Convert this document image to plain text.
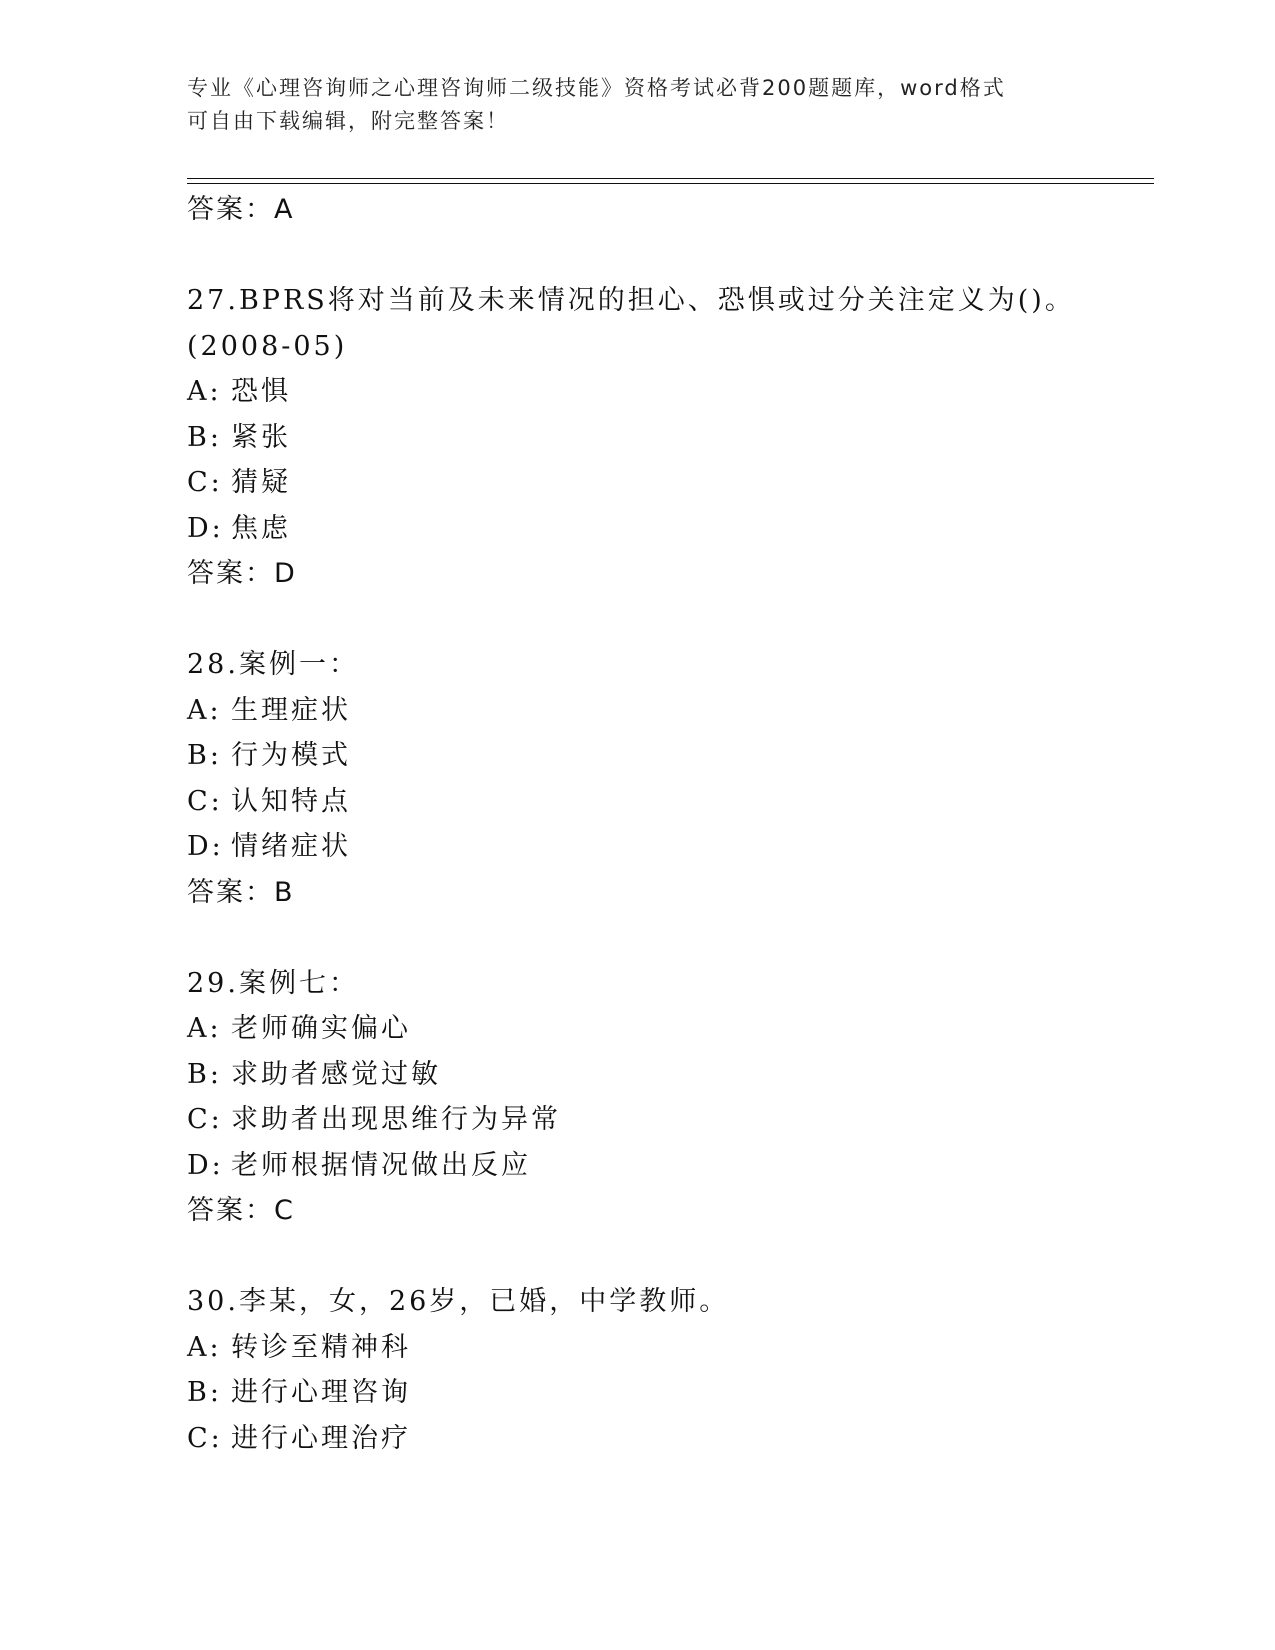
专业《心理咨询师之心理咨询师二级技能》资格考试必背200题题库，word格式
可自由下载编辑，附完整答案！
答案：A
27.BPRS将对当前及未来情况的担心、恐惧或过分关注定义为()。
(2008-05)
A: 恐惧
B: 紧张
C: 猜疑
D: 焦虑
答案：D
28.案例一：
A: 生理症状
B: 行为模式
C: 认知特点
D: 情绪症状
答案：B
29.案例七：
A: 老师确实偏心
B: 求助者感觉过敏
C: 求助者出现思维行为异常
D: 老师根据情况做出反应
答案：C
30.李某，女，26岁，已婚，中学教师。
A: 转诊至精神科
B: 进行心理咨询
C: 进行心理治疗
